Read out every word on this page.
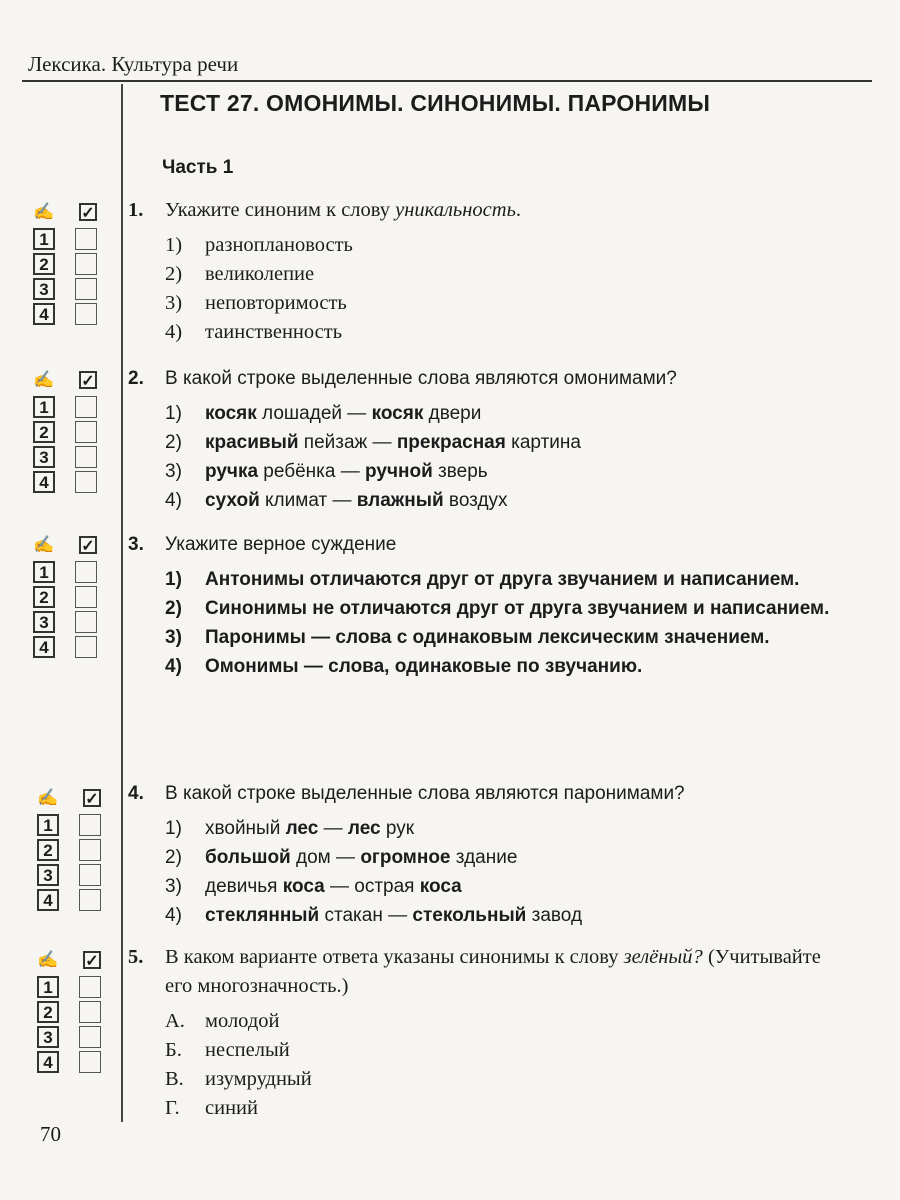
Лексика. Культура речи
ТЕСТ 27. ОМОНИМЫ. СИНОНИМЫ. ПАРОНИМЫ
Часть 1
✍ ✓
1
2
3
4
1.	Укажите синоним к слову уникальность.
1)	разноплановость
2)	великолепие
3)	неповторимость
4)	таинственность
✍ ✓
1
2
3
4
2.	В какой строке выделенные слова являются омонимами?
1)	косяк лошадей — косяк двери
2)	красивый пейзаж — прекрасная картина
3)	ручка ребёнка — ручной зверь
4)	сухой климат — влажный воздух
✍ ✓
1
2
3
4
3.	Укажите верное суждение
1)	Антонимы отличаются друг от друга звучанием и написанием.
2)	Синонимы не отличаются друг от друга звучанием и написанием.
3)	Паронимы — слова с одинаковым лексическим значением.
4)	Омонимы — слова, одинаковые по звучанию.
✍ ✓
1
2
3
4
4.	В какой строке выделенные слова являются паронимами?
1)	хвойный лес — лес рук
2)	большой дом — огромное здание
3)	девичья коса — острая коса
4)	стеклянный стакан — стекольный завод
✍ ✓
1
2
3
4
5.	В каком варианте ответа указаны синонимы к слову зелёный? (Учитывайте его многозначность.)
А. молодой
Б.	неспелый
В.	изумрудный
Г.	синий
70
